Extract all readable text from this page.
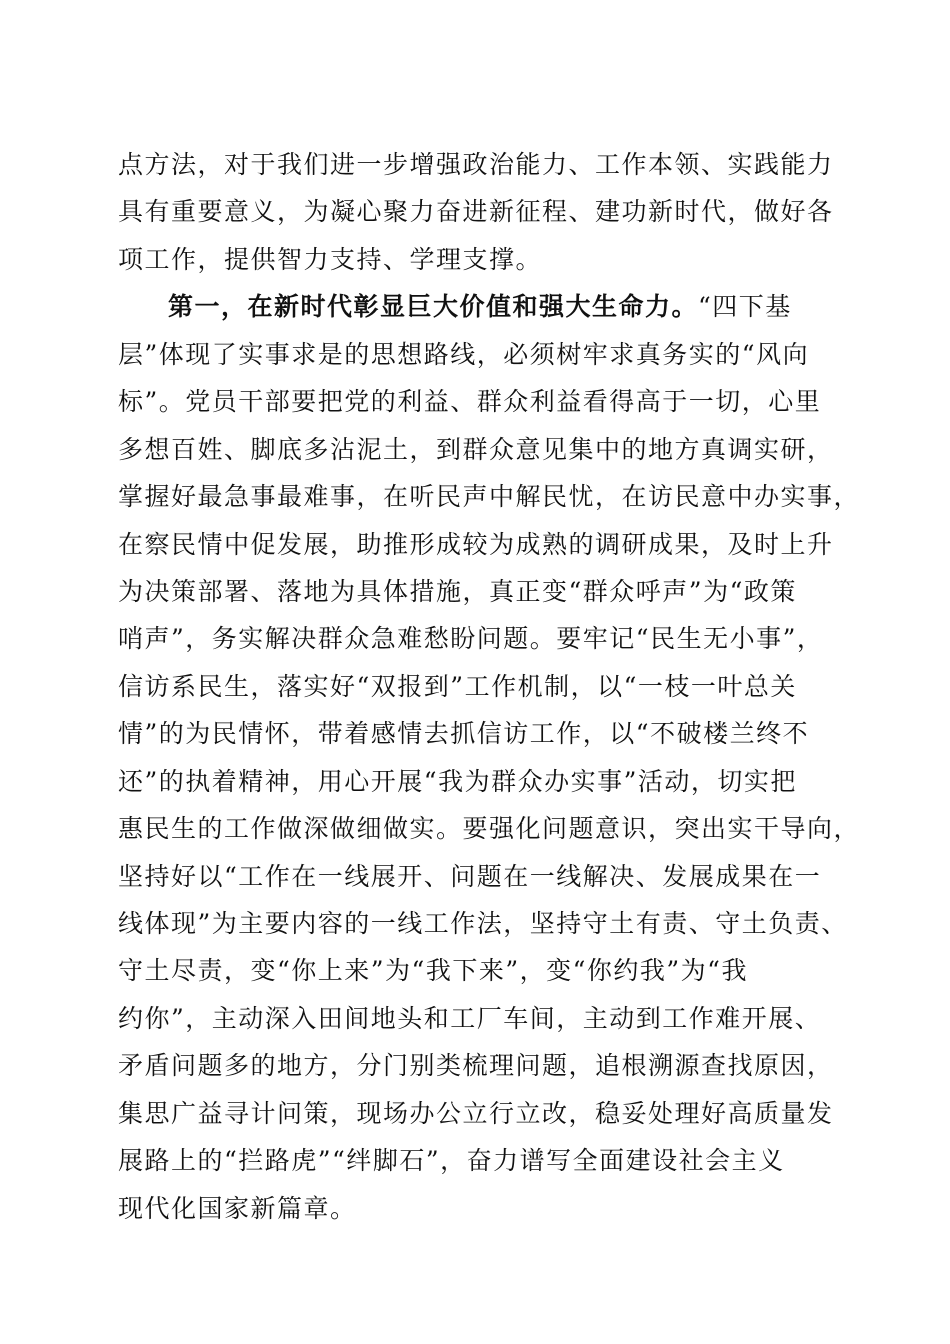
点方法，对于我们进一步增强政治能力、工作本领、实践能力
具有重要意义，为凝心聚力奋进新征程、建功新时代，做好各
项工作，提供智力支持、学理支撑。
第一，在新时代彰显巨大价值和强大生命力。“四下基
层”体现了实事求是的思想路线，必须树牢求真务实的“风向
标”。党员干部要把党的利益、群众利益看得高于一切，心里
多想百姓、脚底多沾泥土，到群众意见集中的地方真调实研，
掌握好最急事最难事，在听民声中解民忧，在访民意中办实事，
在察民情中促发展，助推形成较为成熟的调研成果，及时上升
为决策部署、落地为具体措施，真正变“群众呼声”为“政策
哨声”，务实解决群众急难愁盼问题。要牢记“民生无小事”，
信访系民生，落实好“双报到”工作机制，以“一枝一叶总关
情”的为民情怀，带着感情去抓信访工作，以“不破楼兰终不
还”的执着精神，用心开展“我为群众办实事”活动，切实把
惠民生的工作做深做细做实。要强化问题意识，突出实干导向，
坚持好以“工作在一线展开、问题在一线解决、发展成果在一
线体现”为主要内容的一线工作法，坚持守土有责、守土负责、
守土尽责，变“你上来”为“我下来”，变“你约我”为“我
约你”，主动深入田间地头和工厂车间，主动到工作难开展、
矛盾问题多的地方，分门别类梳理问题，追根溯源查找原因，
集思广益寻计问策，现场办公立行立改，稳妥处理好高质量发
展路上的“拦路虎”“绊脚石”，奋力谱写全面建设社会主义
现代化国家新篇章。
